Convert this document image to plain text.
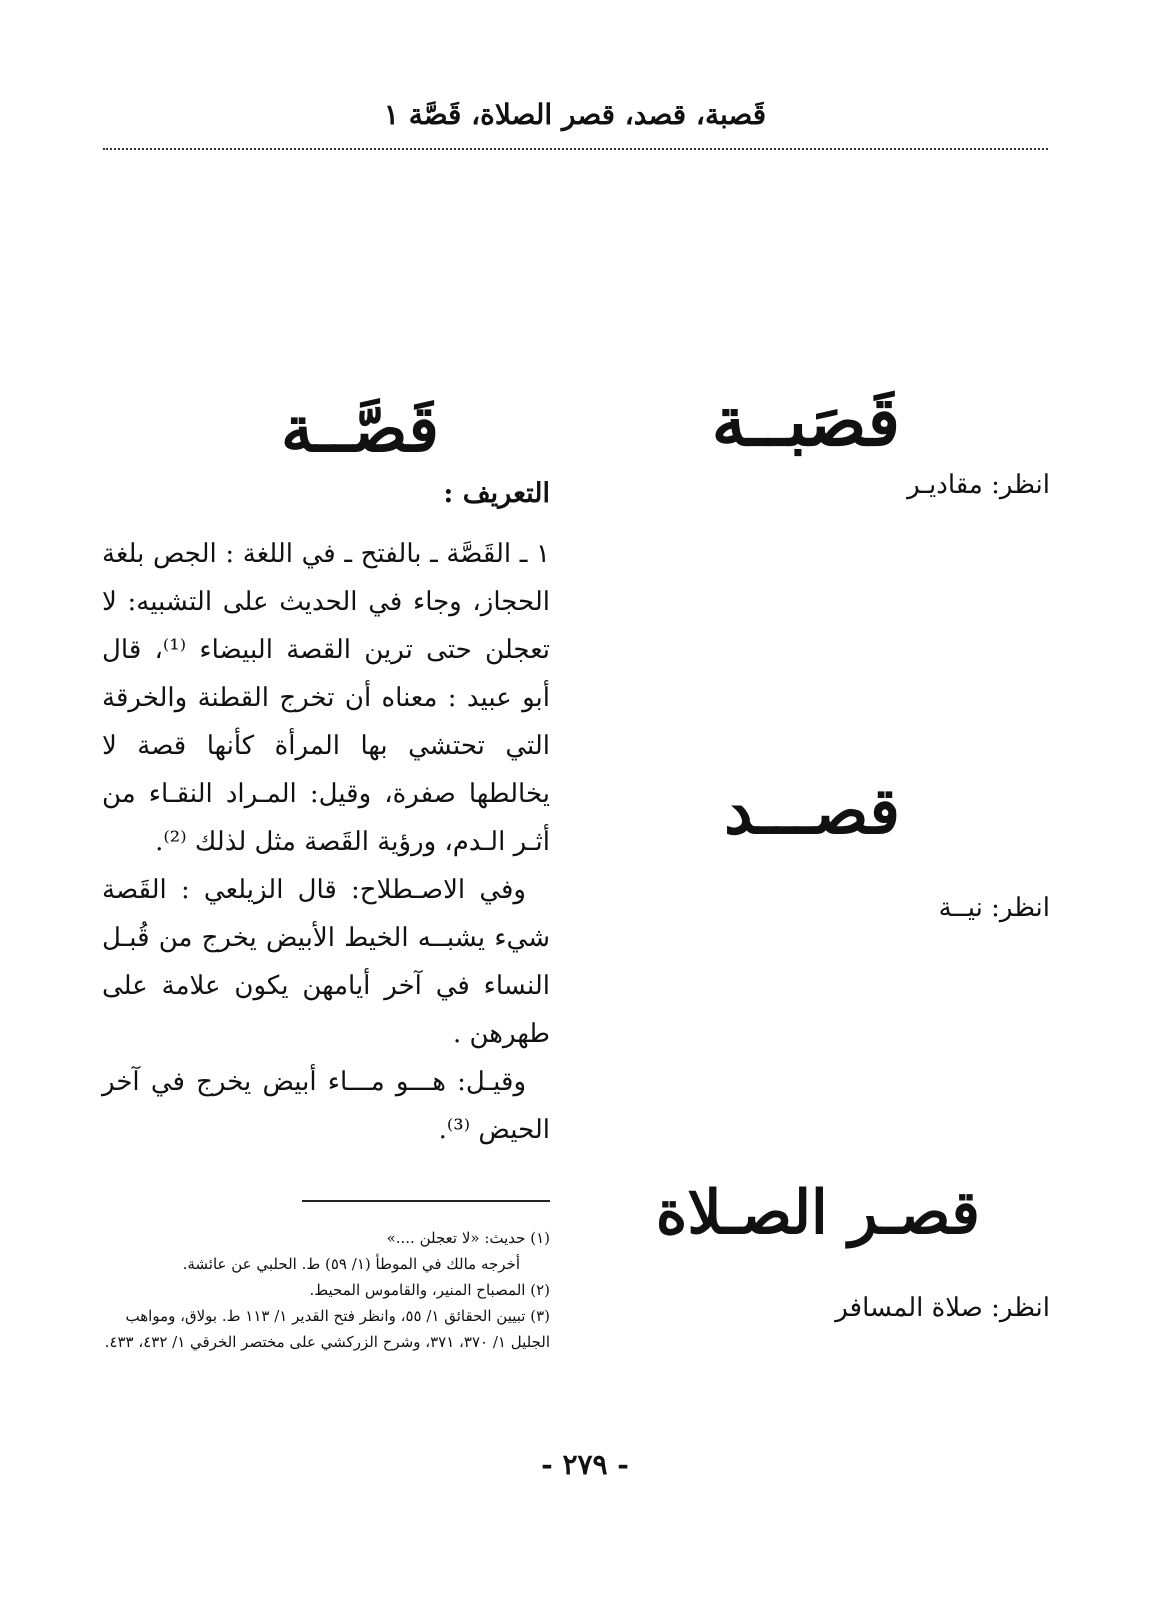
قَصبة، قصد، قصر الصلاة، قَصَّة ١
قَصَبــة
انظر: مقاديـر
قصـــد
انظر: نيــة
قصـر الصـلاة
انظر: صلاة المسافر
قَصَّــة
التعريف :

١ ـ القَصَّة ـ بالفتح ـ في اللغة : الجص بلغة الحجاز، وجاء في الحديث على التشبيه: لا تعجلن حتى ترين القصة البيضاء ⁽¹⁾، قال أبو عبيد : معناه أن تخرج القطنة والخرقة التي تحتشي بها المرأة كأنها قصة لا يخالطها صفرة، وقيل: المـراد النقـاء من أثـر الـدم، ورؤية القَصة مثل لذلك ⁽²⁾.

وفي الاصـطلاح: قال الزيلعي : القَصة شيء يشبــه الخيط الأبيض يخرج من قُبـل النساء في آخر أيامهن يكون علامة على طهرهن .

وقيـل: هـــو مـــاء أبيض يخرج في آخر الحيض ⁽³⁾.

(١) حديث: «لا تعجلن ....»
أخرجه مالك في الموطأ (١/ ٥٩) ط. الحلبي عن عائشة.
(٢) المصباح المنير، والقاموس المحيط.
(٣) تبيين الحقائق ١/ ٥٥، وانظر فتح القدير ١/ ١١٣ ط. بولاق، ومواهب الجليل ١/ ٣٧٠، ٣٧١، وشرح الزركشي على مختصر الخرقي ١/ ٤٣٢، ٤٣٣.
- ٢٧٩ -
